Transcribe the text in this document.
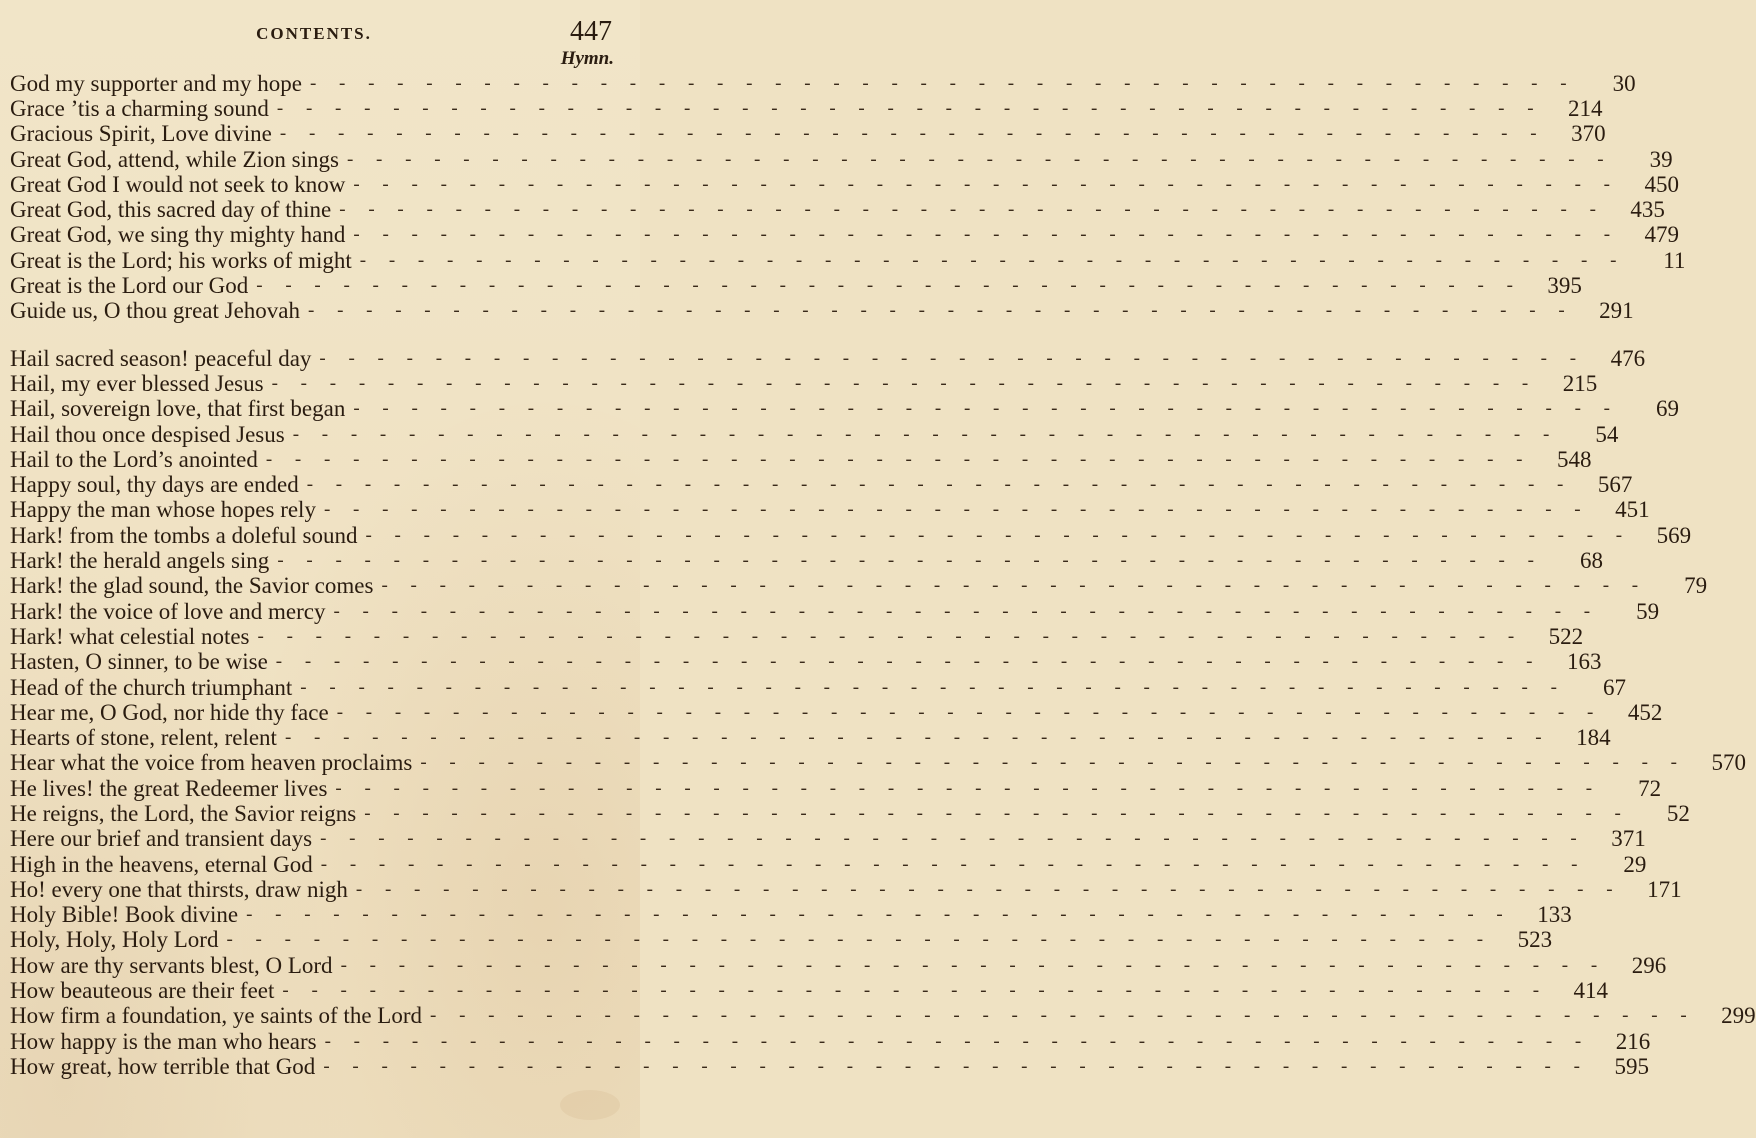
CONTENTS.	447
Hymn.
God my supporter and my hope - - -	30
Grace ’tis a charming sound - - -	214
Gracious Spirit, Love divine - - -	370
Great God, attend, while Zion sings - - -	39
Great God I would not seek to know - - -	450
Great God, this sacred day of thine - - -	435
Great God, we sing thy mighty hand - - -	479
Great is the Lord; his works of might - - -	11
Great is the Lord our God - - -	395
Guide us, O thou great Jehovah - - -	291
Hail sacred season! peaceful day - - -	476
Hail, my ever blessed Jesus - - -	215
Hail, sovereign love, that first began - - -	69
Hail thou once despised Jesus - - -	54
Hail to the Lord’s anointed - - -	548
Happy soul, thy days are ended - - -	567
Happy the man whose hopes rely - - -	451
Hark! from the tombs a doleful sound - - -	569
Hark! the herald angels sing - - -	68
Hark! the glad sound, the Savior comes - - -	79
Hark! the voice of love and mercy - - -	59
Hark! what celestial notes - - -	522
Hasten, O sinner, to be wise - - -	163
Head of the church triumphant - - -	67
Hear me, O God, nor hide thy face - - -	452
Hearts of stone, relent, relent - - -	184
Hear what the voice from heaven proclaims - - -	570
He lives! the great Redeemer lives - - -	72
He reigns, the Lord, the Savior reigns - - -	52
Here our brief and transient days - - -	371
High in the heavens, eternal God - - -	29
Ho! every one that thirsts, draw nigh - - -	171
Holy Bible! Book divine - - -	133
Holy, Holy, Holy Lord - - -	523
How are thy servants blest, O Lord - - -	296
How beauteous are their feet - - -	414
How firm a foundation, ye saints of the Lord - - -	299
How happy is the man who hears - - -	216
How great, how terrible that God - - -	595
